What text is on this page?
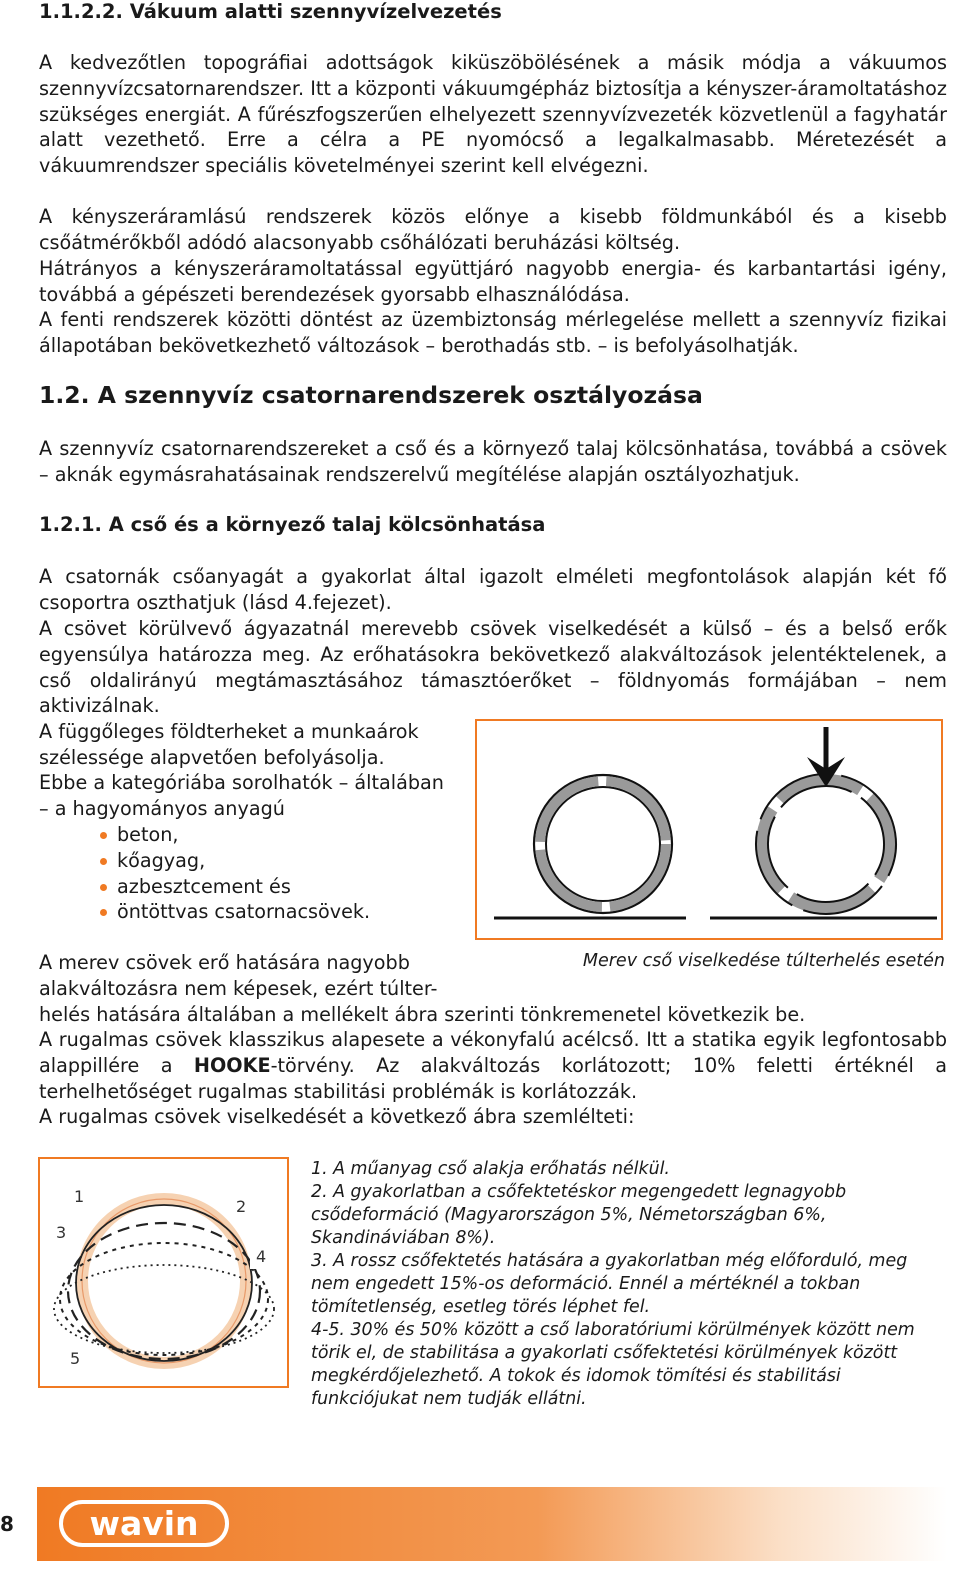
1.1.2.2. Vákuum alatti szennyvízelvezetés

A kedvezőtlen topográfiai adottságok kiküszöbölésének a másik módja a vákuumos szennyvízcsatornarendszer. Itt a központi vákuumgépház biztosítja a kényszer-áramoltatáshoz szükséges energiát. A fűrészfogszerűen elhelyezett szennyvízvezeték közvetlenül a fagyhatár alatt vezethető. Erre a célra a PE nyomócső a legalkalmasabb. Méretezését a vákuumrendszer speciális követelményei szerint kell elvégezni.

A kényszeráramlású rendszerek közös előnye a kisebb földmunkából és a kisebb csőátmérőkből adódó alacsonyabb csőhálózati beruházási költség.

Hátrányos a kényszeráramoltatással együttjáró nagyobb energia- és karbantartási igény, továbbá a gépészeti berendezések gyorsabb elhasználódása.

A fenti rendszerek közötti döntést az üzembiztonság mérlegelése mellett a szennyvíz fizikai állapotában bekövetkezhető változások – berothadás stb. – is befolyásolhatják.

1.2. A szennyvíz csatornarendszerek osztályozása

A szennyvíz csatornarendszereket a cső és a környező talaj kölcsönhatása, továbbá a csövek – aknák egymásrahatásainak rendszerelvű megítélése alapján osztályozhatjuk.

1.2.1. A cső és a környező talaj kölcsönhatása

A csatornák csőanyagát a gyakorlat által igazolt elméleti megfontolások alapján két fő csoportra oszthatjuk (lásd 4.fejezet).

A csövet körülvevő ágyazatnál merevebb csövek viselkedését a külső – és a belső erők egyensúlya határozza meg. Az erőhatásokra bekövetkező alakváltozások jelentéktelenek, a cső oldalirányú megtámasztásához támasztóerőket – földnyomás formájában – nem aktivizálnak.

A függőleges földterheket a munkaárok szélessége alapvetően befolyásolja.

Ebbe a kategóriába sorolhatók – általában – a hagyományos anyagú

beton,
kőagyag,
azbesztcement és
öntöttvas csatornacsövek.

A merev csövek erő hatására nagyobb

alakváltozásra nem képesek, ezért túlter-

helés hatására általában a mellékelt ábra szerinti tönkremenetel következik be.

A rugalmas csövek klasszikus alapesete a vékonyfalú acélcső. Itt a statika egyik legfontosabb alappillére a HOOKE-törvény. Az alakváltozás korlátozott; 10% feletti értéknél a terhelhetőséget rugalmas stabilitási problémák is korlátozzák.

A rugalmas csövek viselkedését a következő ábra szemlélteti:

Merev cső viselkedése túlterhelés esetén
1
2
3
4
5

1. A műanyag cső alakja erőhatás nélkül.

2. A gyakorlatban a csőfektetéskor megengedett legnagyobb csődeformáció (Magyarországon 5%, Németországban 6%, Skandináviában 8%).

3. A rossz csőfektetés hatására a gyakorlatban még előforduló, meg nem engedett 15%-os deformáció. Ennél a mértéknél a tokban tömítetlenség, esetleg törés léphet fel.

4-5. 30% és 50% között a cső laboratóriumi körülmények között nem törik el, de stabilitása a gyakorlati csőfektetési körülmények között megkérdőjelezhető. A tokok és idomok tömítési és stabilitási funkciójukat nem tudják ellátni.

8 wavin
